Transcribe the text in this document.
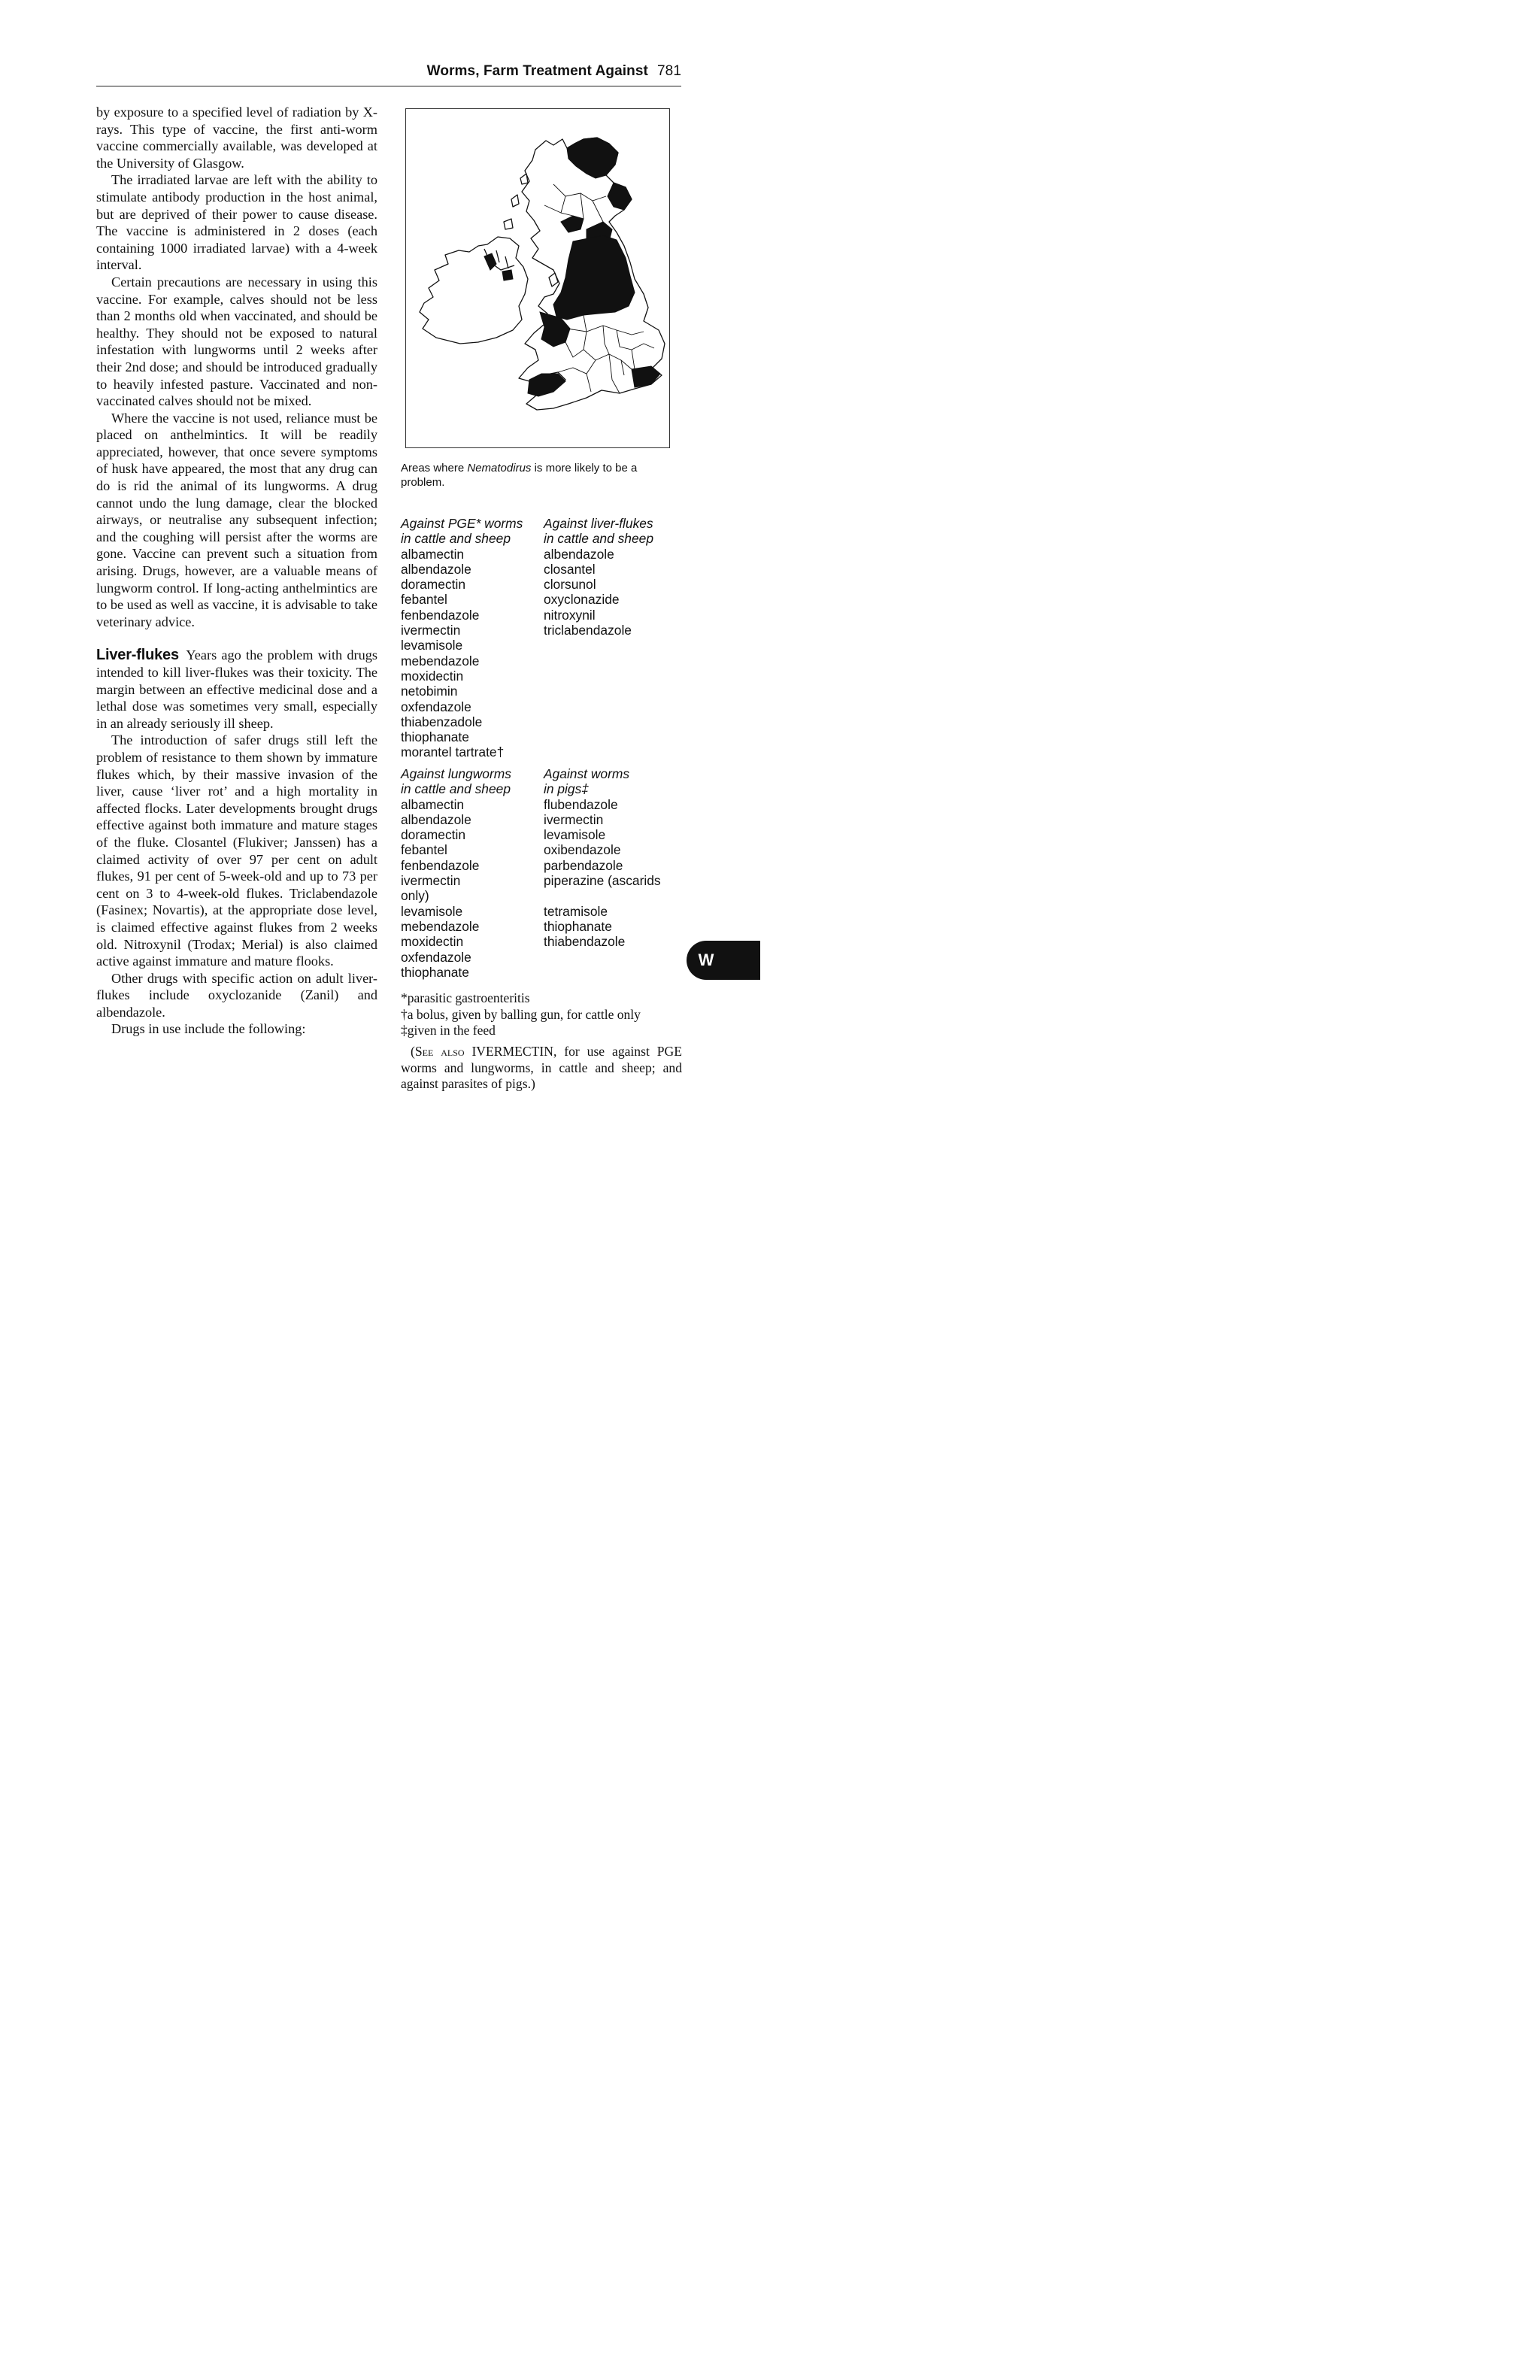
Worms, Farm Treatment Against 781

by exposure to a specified level of radiation by X-rays. This type of vaccine, the first anti-worm vaccine commercially available, was developed at the University of Glasgow.

The irradiated larvae are left with the ability to stimulate antibody production in the host animal, but are deprived of their power to cause disease. The vaccine is administered in 2 doses (each containing 1000 irradiated larvae) with a 4-week interval.

Certain precautions are necessary in using this vaccine. For example, calves should not be less than 2 months old when vaccinated, and should be healthy. They should not be exposed to natural infestation with lungworms until 2 weeks after their 2nd dose; and should be introduced gradually to heavily infested pasture. Vaccinated and non-vaccinated calves should not be mixed.

Where the vaccine is not used, reliance must be placed on anthelmintics. It will be readily appreciated, however, that once severe symptoms of husk have appeared, the most that any drug can do is rid the animal of its lungworms. A drug cannot undo the lung damage, clear the blocked airways, or neutralise any subsequent infection; and the coughing will persist after the worms are gone. Vaccine can prevent such a situation from arising. Drugs, however, are a valuable means of lungworm control. If long-acting anthelmintics are to be used as well as vaccine, it is advisable to take veterinary advice.

Liver-flukes Years ago the problem with drugs intended to kill liver-flukes was their toxicity. The margin between an effective medicinal dose and a lethal dose was sometimes very small, especially in an already seriously ill sheep.

The introduction of safer drugs still left the problem of resistance to them shown by immature flukes which, by their massive invasion of the liver, cause ‘liver rot’ and a high mortality in affected flocks. Later developments brought drugs effective against both immature and mature stages of the fluke. Closantel (Flukiver; Janssen) has a claimed activity of over 97 per cent on adult flukes, 91 per cent of 5-week-old and up to 73 per cent on 3 to 4-week-old flukes. Triclabendazole (Fasinex; Novartis), at the appropriate dose level, is claimed effective against flukes from 2 weeks old. Nitroxynil (Trodax; Merial) is also claimed active against immature and mature flooks.

Other drugs with specific action on adult liver-flukes include oxyclozanide (Zanil) and albendazole.

Drugs in use include the following:

Areas where Nematodirus is more likely to be a problem.
Against PGE* worms
in cattle and sheep
albamectin
albendazole
doramectin
febantel
fenbendazole
ivermectin
levamisole
mebendazole
moxidectin
netobimin
oxfendazole
thiabenzadole
thiophanate
morantel tartrate†
Against liver-flukes
in cattle and sheep
albendazole
closantel
clorsunol
oxyclonazide
nitroxynil
triclabendazole
Against lungworms
in cattle and sheep
albamectin
albendazole
doramectin
febantel
fenbendazole
ivermectin
only)
levamisole
mebendazole
moxidectin
oxfendazole
thiophanate
Against worms
in pigs‡
flubendazole
ivermectin
levamisole
oxibendazole
parbendazole
piperazine (ascarids

tetramisole
thiophanate
thiabendazole
*parasitic gastroenteritis
†a bolus, given by balling gun, for cattle only
‡given in the feed

(See also IVERMECTIN, for use against PGE worms and lungworms, in cattle and sheep; and against parasites of pigs.)

W
